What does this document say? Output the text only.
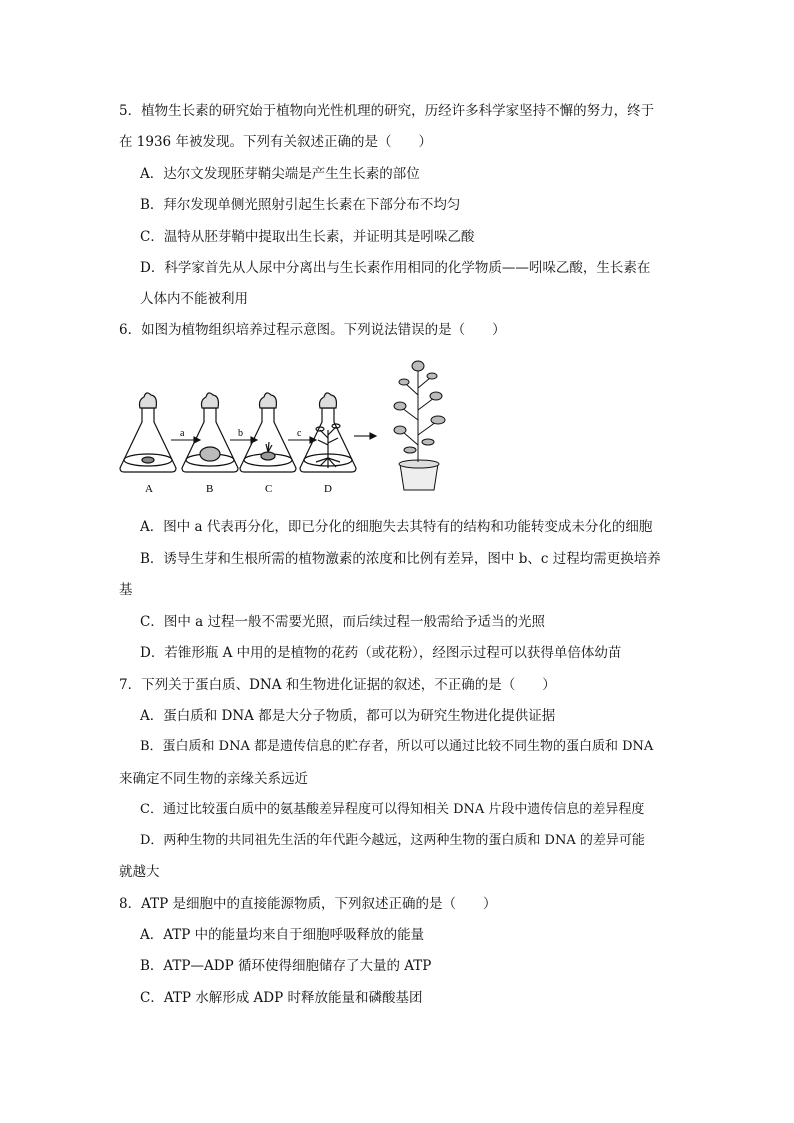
5．植物生长素的研究始于植物向光性机理的研究，历经许多科学家坚持不懈的努力，终于
在 1936 年被发现。下列有关叙述正确的是（　　）
A．达尔文发现胚芽鞘尖端是产生生长素的部位
B．拜尔发现单侧光照射引起生长素在下部分布不均匀
C．温特从胚芽鞘中提取出生长素，并证明其是吲哚乙酸
D．科学家首先从人尿中分离出与生长素作用相同的化学物质——吲哚乙酸，生长素在
人体内不能被利用
6．如图为植物组织培养过程示意图。下列说法错误的是（　　）
A	B	C	D
a	b	c
A．图中 a 代表再分化，即已分化的细胞失去其特有的结构和功能转变成未分化的细胞
B．诱导生芽和生根所需的植物激素的浓度和比例有差异，图中 b、c 过程均需更换培养
基
C．图中 a 过程一般不需要光照，而后续过程一般需给予适当的光照
D．若锥形瓶 A 中用的是植物的花药（或花粉），经图示过程可以获得单倍体幼苗
7．下列关于蛋白质、DNA 和生物进化证据的叙述，不正确的是（　　）
A．蛋白质和 DNA 都是大分子物质，都可以为研究生物进化提供证据
B．蛋白质和 DNA 都是遗传信息的贮存者，所以可以通过比较不同生物的蛋白质和 DNA
来确定不同生物的亲缘关系远近
C．通过比较蛋白质中的氨基酸差异程度可以得知相关 DNA 片段中遗传信息的差异程度
D．两种生物的共同祖先生活的年代距今越远，这两种生物的蛋白质和 DNA 的差异可能
就越大
8．ATP 是细胞中的直接能源物质，下列叙述正确的是（　　）
A．ATP 中的能量均来自于细胞呼吸释放的能量
B．ATP—ADP 循环使得细胞储存了大量的 ATP
C．ATP 水解形成 ADP 时释放能量和磷酸基团
